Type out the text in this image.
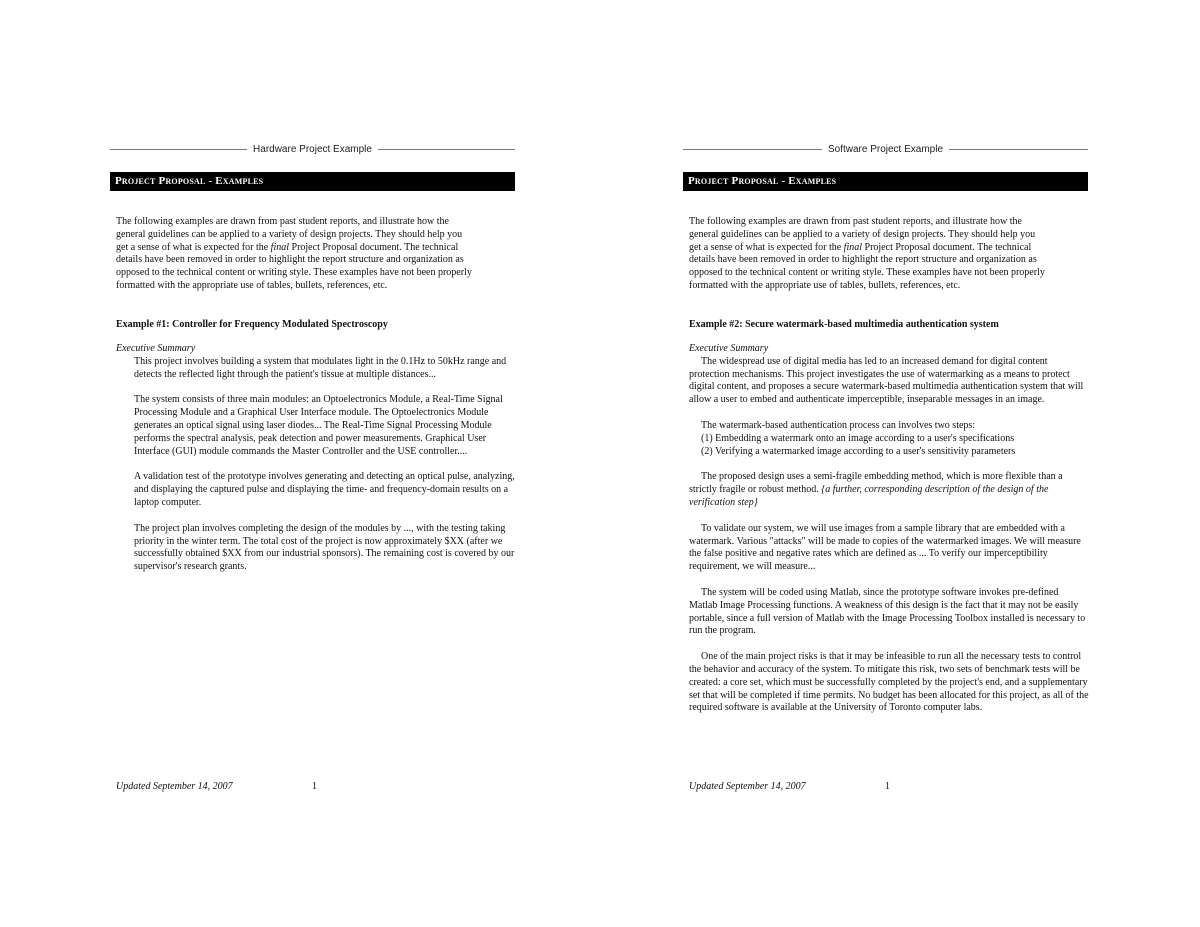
Hardware Project Example
Project Proposal - Examples
The following examples are drawn from past student reports, and illustrate how the
general guidelines can be applied to a variety of design projects. They should help you
get a sense of what is expected for the final Project Proposal document. The technical
details have been removed in order to highlight the report structure and organization as
opposed to the technical content or writing style. These examples have not been properly
formatted with the appropriate use of tables, bullets, references, etc.
Example #1: Controller for Frequency Modulated Spectroscopy
Executive Summary

This project involves building a system that modulates light in the 0.1Hz to 50kHz range and detects the reflected light through the patient's tissue at multiple distances...

The system consists of three main modules: an Optoelectronics Module, a Real-Time Signal Processing Module and a Graphical User Interface module. The Optoelectronics Module generates an optical signal using laser diodes... The Real-Time Signal Processing Module performs the spectral analysis, peak detection and power measurements. Graphical User Interface (GUI) module commands the Master Controller and the USE controller....

A validation test of the prototype involves generating and detecting an optical pulse, analyzing, and displaying the captured pulse and displaying the time- and frequency-domain results on a laptop computer.

The project plan involves completing the design of the modules by ..., with the testing taking priority in the winter term. The total cost of the project is now approximately $XX (after we successfully obtained $XX from our industrial sponsors). The remaining cost is covered by our supervisor's research grants.

Updated September 14, 2007	1
Software Project Example
Project Proposal - Examples
The following examples are drawn from past student reports, and illustrate how the
general guidelines can be applied to a variety of design projects. They should help you
get a sense of what is expected for the final Project Proposal document. The technical
details have been removed in order to highlight the report structure and organization as
opposed to the technical content or writing style. These examples have not been properly
formatted with the appropriate use of tables, bullets, references, etc.
Example #2: Secure watermark-based multimedia authentication system
Executive Summary

The widespread use of digital media has led to an increased demand for digital content protection mechanisms. This project investigates the use of watermarking as a means to protect digital content, and proposes a secure watermark-based multimedia authentication system that will allow a user to embed and authenticate imperceptible, inseparable messages in an image.

The watermark-based authentication process can involves two steps:
(1) Embedding a watermark onto an image according to a user's specifications
(2) Verifying a watermarked image according to a user's sensitivity parameters

The proposed design uses a semi-fragile embedding method, which is more flexible than a strictly fragile or robust method. {a further, corresponding description of the design of the verification step}

To validate our system, we will use images from a sample library that are embedded with a watermark. Various "attacks" will be made to copies of the watermarked images. We will measure the false positive and negative rates which are defined as ... To verify our imperceptibility requirement, we will measure...

The system will be coded using Matlab, since the prototype software invokes pre-defined Matlab Image Processing functions. A weakness of this design is the fact that it may not be easily portable, since a full version of Matlab with the Image Processing Toolbox installed is necessary to run the program.

One of the main project risks is that it may be infeasible to run all the necessary tests to control the behavior and accuracy of the system. To mitigate this risk, two sets of benchmark tests will be created: a core set, which must be successfully completed by the project's end, and a supplementary set that will be completed if time permits. No budget has been allocated for this project, as all of the required software is available at the University of Toronto computer labs.

Updated September 14, 2007	1
